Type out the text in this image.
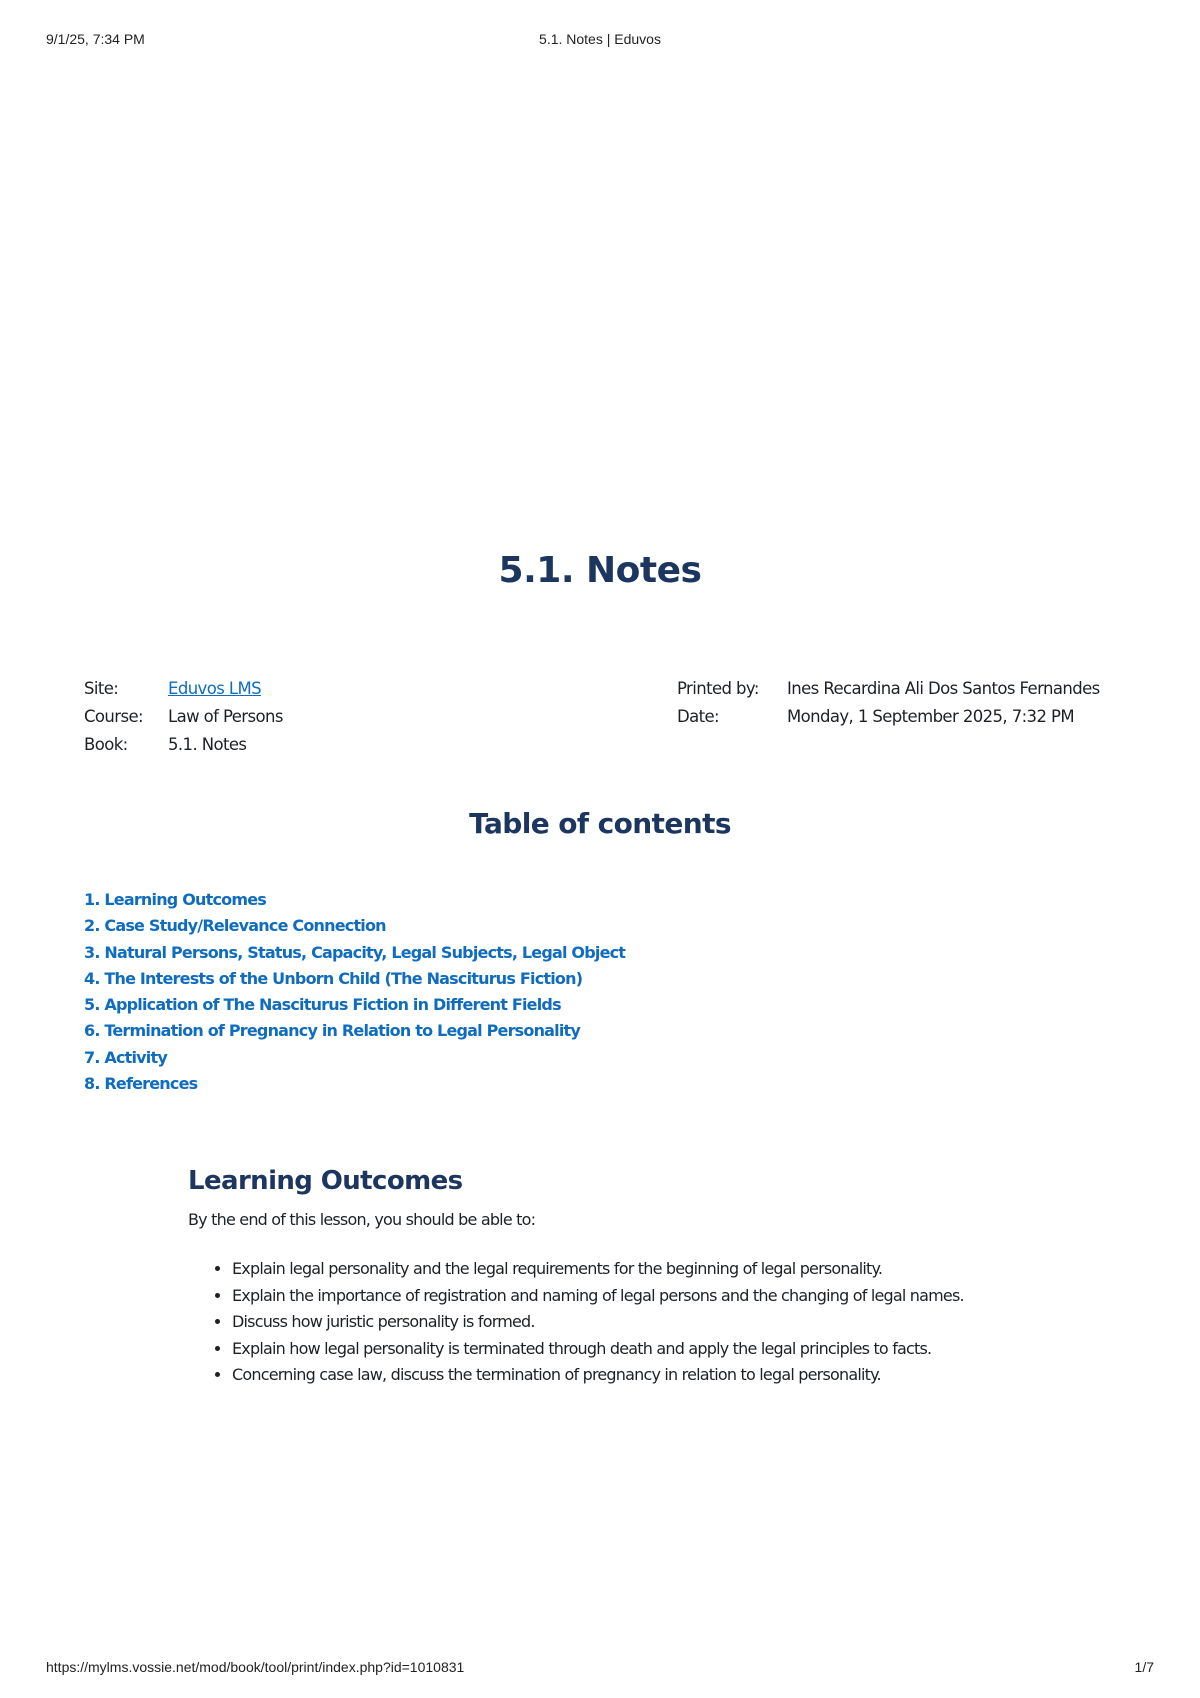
9/1/25, 7:34 PM	5.1. Notes | Eduvos
5.1. Notes
Site:	Eduvos LMS
Course: Law of Persons
Book: 5.1. Notes
Printed by: Ines Recardina Ali Dos Santos Fernandes
Date:	Monday, 1 September 2025, 7:32 PM
Table of contents
1. Learning Outcomes
2. Case Study/Relevance Connection
3. Natural Persons, Status, Capacity, Legal Subjects, Legal Object
4. The Interests of the Unborn Child (The Nasciturus Fiction)
5. Application of The Nasciturus Fiction in Different Fields
6. Termination of Pregnancy in Relation to Legal Personality
7. Activity
8. References
Learning Outcomes

By the end of this lesson, you should be able to:

• Explain legal personality and the legal requirements for the beginning of legal personality.
• Explain the importance of registration and naming of legal persons and the changing of legal names.
• Discuss how juristic personality is formed.
• Explain how legal personality is terminated through death and apply the legal principles to facts.
• Concerning case law, discuss the termination of pregnancy in relation to legal personality.
https://mylms.vossie.net/mod/book/tool/print/index.php?id=1010831	1/7
